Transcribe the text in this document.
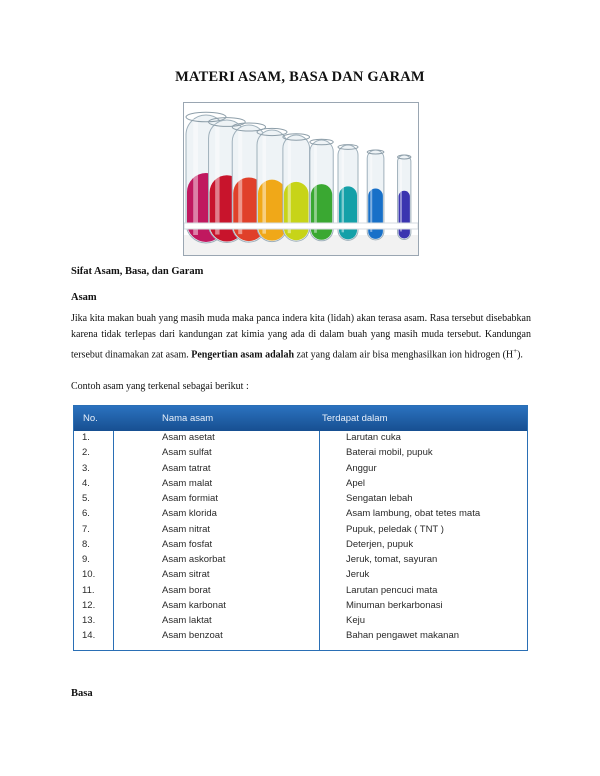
MATERI ASAM, BASA DAN GARAM
Sifat Asam, Basa, dan Garam
Asam
Jika kita makan buah yang masih muda maka panca indera kita (lidah) akan terasa asam. Rasa tersebut disebabkan karena tidak terlepas dari kandungan zat kimia yang ada di dalam buah yang masih muda tersebut. Kandungan tersebut dinamakan zat asam. Pengertian asam adalah zat yang dalam air bisa menghasilkan ion hidrogen (H+).
Contoh asam yang terkenal sebagai berikut :
No.	Nama asam	Terdapat dalam
1.	Asam asetat	Larutan cuka
2.	Asam sulfat	Baterai mobil, pupuk
3.	Asam tatrat	Anggur
4.	Asam malat	Apel
5.	Asam formiat	Sengatan lebah
6.	Asam klorida	Asam lambung, obat tetes mata
7.	Asam nitrat	Pupuk, peledak ( TNT )
8.	Asam fosfat	Deterjen, pupuk
9.	Asam askorbat	Jeruk, tomat, sayuran
10.	Asam sitrat	Jeruk
11.	Asam borat	Larutan pencuci mata
12.	Asam karbonat	Minuman berkarbonasi
13.	Asam laktat	Keju
14.	Asam benzoat	Bahan pengawet makanan
Basa
